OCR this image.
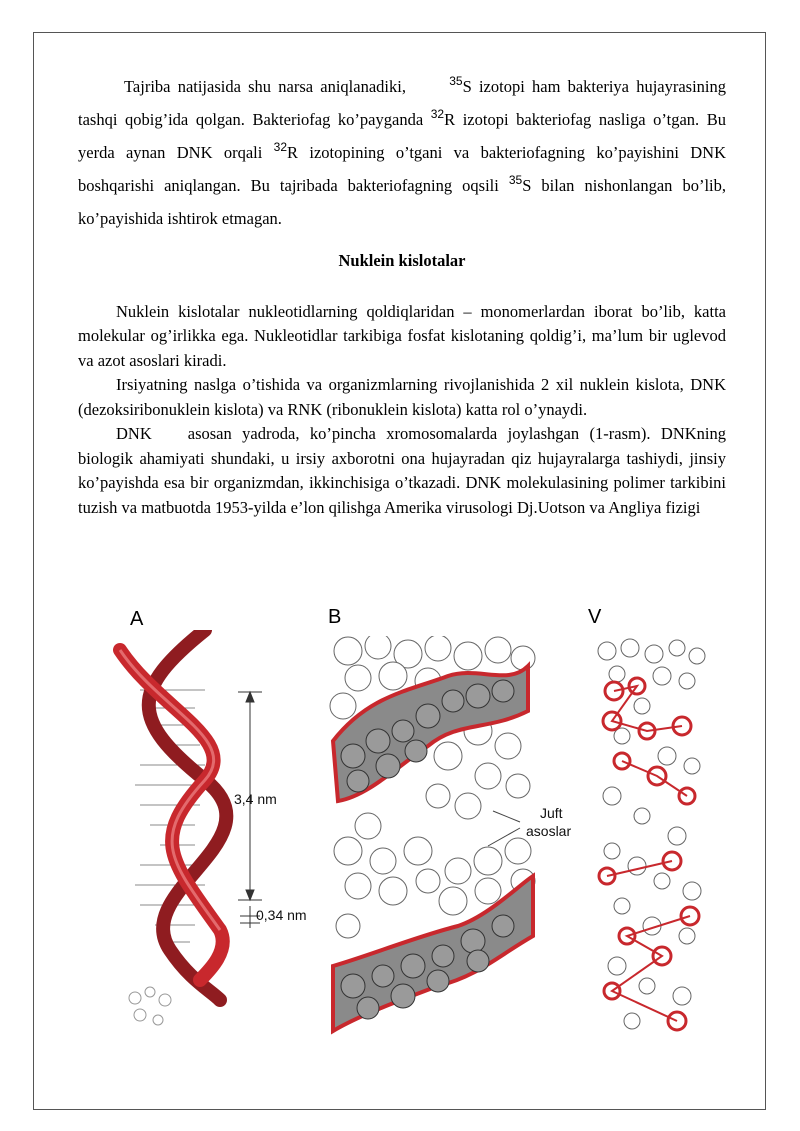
Tajriba natijasida shu narsa aniqlanadiki,	$^{35}$S izotopi ham bakteriya hujayrasining tashqi qobig’ida qolgan. Bakteriofag ko’payganda $^{32}$R izotopi bakteriofag nasliga o’tgan. Bu yerda aynan DNK orqali $^{32}$R izotopining o’tgani va bakteriofagning ko’payishini DNK boshqarishi aniqlangan. Bu tajribada bakteriofagning oqsili $^{35}$S bilan nishonlangan bo’lib, ko’payishida ishtirok etmagan.

Nuklein kislotalar

Nuklein kislotalar nukleotidlarning qoldiqlaridan – monomerlardan iborat bo’lib, katta molekular og’irlikka ega. Nukleotidlar tarkibiga fosfat kislotaning qoldig’i, ma’lum bir uglevod va azot asoslari kiradi.

Irsiyatning naslga o’tishida va organizmlarning rivojlanishida 2 xil nuklein kislota, DNK (dezoksiribonuklein kislota) va RNK (ribonuklein kislota) katta rol o’ynaydi.

DNK asosan yadroda, ko’pincha xromosomalarda joylashgan (1-rasm). DNKning biologik ahamiyati shundaki, u irsiy axborotni ona hujayradan qiz hujayralarga tashiydi, jinsiy ko’payishda esa bir organizmdan, ikkinchisiga o’tkazadi. DNK molekulasining polimer tarkibini tuzish va matbuotda 1953-yilda e’lon qilishga Amerika virusologi Dj.Uotson va Angliya fizigi

A	B	V
3,4 nm
0,34 nm
Juft
asoslar
